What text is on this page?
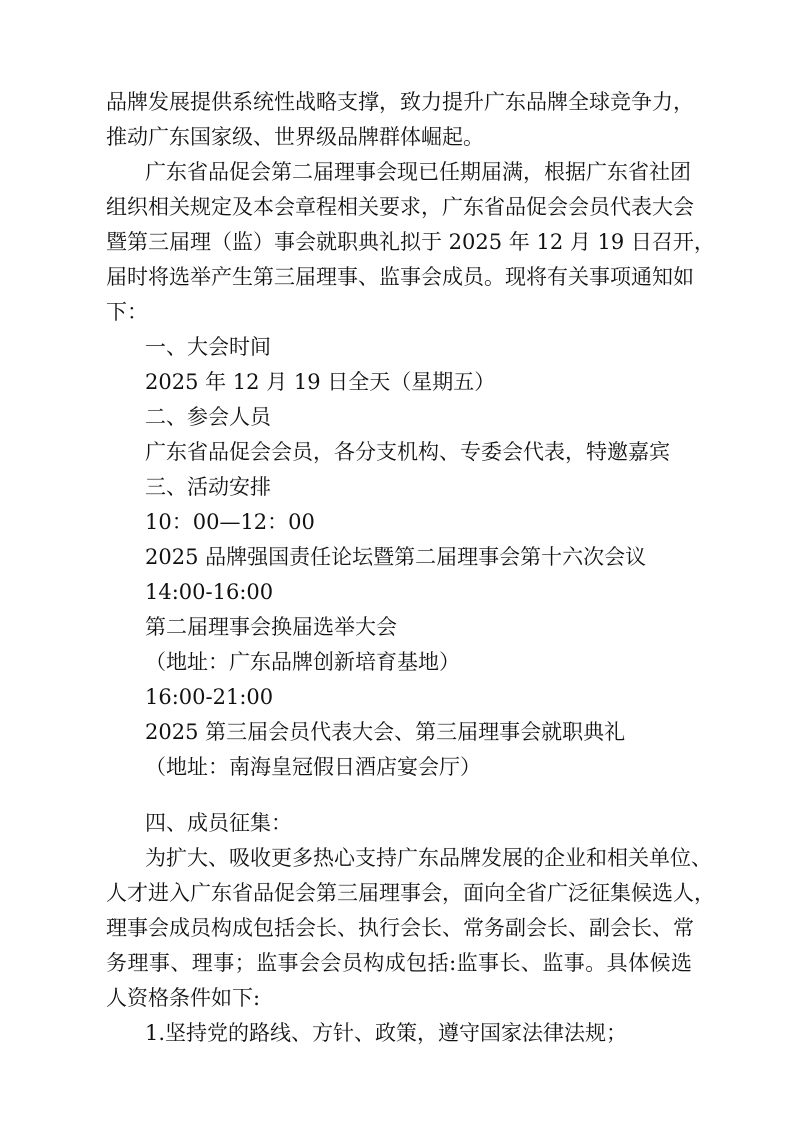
品牌发展提供系统性战略支撑，致力提升广东品牌全球竞争力，
推动广东国家级、世界级品牌群体崛起。
广东省品促会第二届理事会现已任期届满，根据广东省社团
组织相关规定及本会章程相关要求，广东省品促会会员代表大会
暨第三届理（监）事会就职典礼拟于 2025 年 12 月 19 日召开，
届时将选举产生第三届理事、监事会成员。现将有关事项通知如
下：
一、大会时间
2025 年 12 月 19 日全天（星期五）
二、参会人员
广东省品促会会员，各分支机构、专委会代表，特邀嘉宾
三、活动安排
10：00—12：00
2025 品牌强国责任论坛暨第二届理事会第十六次会议
14:00-16:00
第二届理事会换届选举大会
（地址：广东品牌创新培育基地）
16:00-21:00
2025 第三届会员代表大会、第三届理事会就职典礼
（地址：南海皇冠假日酒店宴会厅）
四、成员征集：
为扩大、吸收更多热心支持广东品牌发展的企业和相关单位、
人才进入广东省品促会第三届理事会，面向全省广泛征集候选人，
理事会成员构成包括会长、执行会长、常务副会长、副会长、常
务理事、理事；监事会会员构成包括:监事长、监事。具体候选
人资格条件如下:
1.坚持党的路线、方针、政策，遵守国家法律法规；
